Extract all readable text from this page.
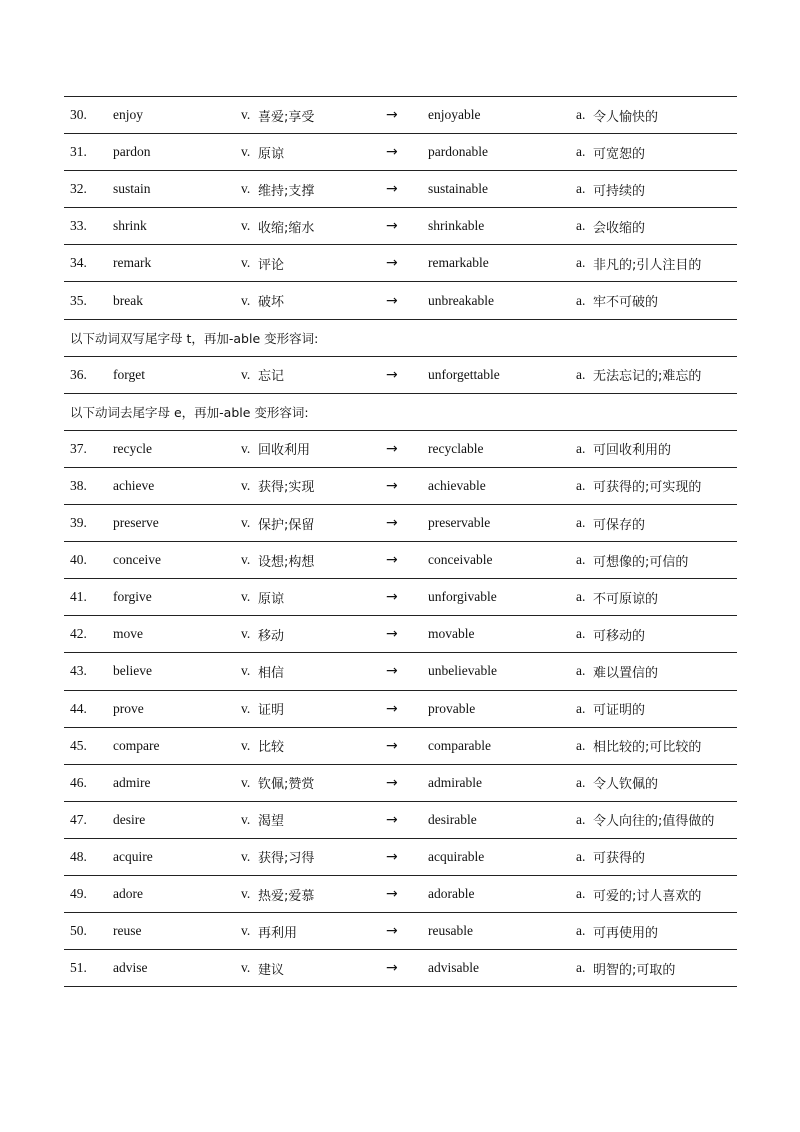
30. enjoy	v. 喜爱;享受	→ enjoyable	a. 令人愉快的
31. pardon	v. 原谅	→ pardonable	a. 可宽恕的
32. sustain	v. 维持;支撑	→ sustainable	a. 可持续的
33. shrink	v. 收缩;缩水	→ shrinkable	a. 会收缩的
34. remark	v. 评论	→ remarkable	a. 非凡的;引人注目的
35. break	v. 破坏	→ unbreakable	a. 牢不可破的
以下动词双写尾字母 t，再加-able 变形容词:
36. forget	v. 忘记	→ unforgettable	a. 无法忘记的;难忘的
以下动词去尾字母 e，再加-able 变形容词:
37. recycle	v. 回收利用	→ recyclable	a. 可回收利用的
38. achieve	v. 获得;实现	→ achievable	a. 可获得的;可实现的
39. preserve	v. 保护;保留	→ preservable	a. 可保存的
40. conceive	v. 设想;构想	→ conceivable	a. 可想像的;可信的
41. forgive	v. 原谅	→ unforgivable	a. 不可原谅的
42. move	v. 移动	→ movable	a. 可移动的
43. believe	v. 相信	→ unbelievable	a. 难以置信的
44. prove	v. 证明	→ provable	a. 可证明的
45. compare	v. 比较	→ comparable	a. 相比较的;可比较的
46. admire	v. 钦佩;赞赏	→ admirable	a. 令人钦佩的
47. desire	v. 渴望	→ desirable	a. 令人向往的;值得做的
48. acquire	v. 获得;习得	→ acquirable	a. 可获得的
49. adore	v. 热爱;爱慕	→ adorable	a. 可爱的;讨人喜欢的
50. reuse	v. 再利用	→ reusable	a. 可再使用的
51. advise	v. 建议	→ advisable	a. 明智的;可取的
